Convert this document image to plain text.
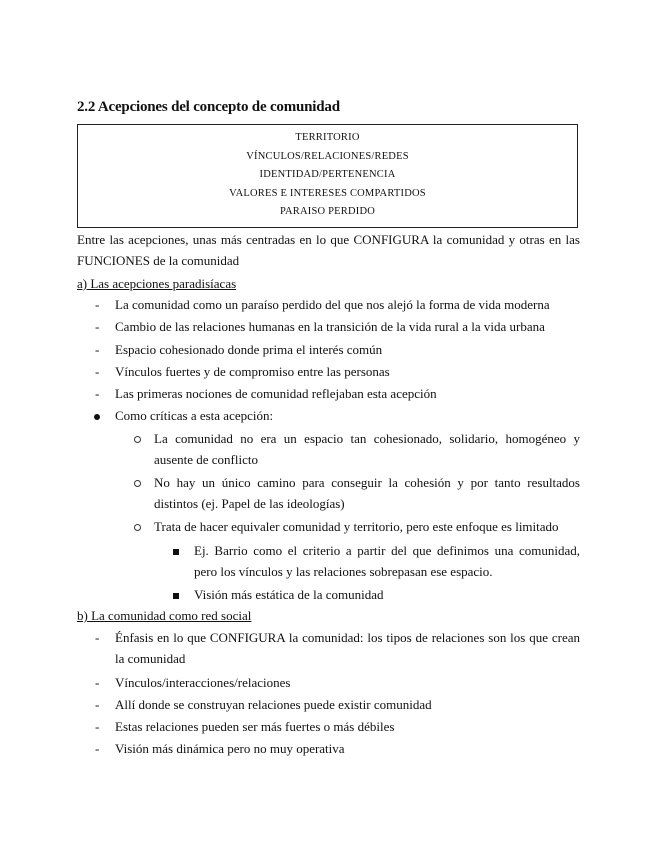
2.2 Acepciones del concepto de comunidad
TERRITORIO
VÍNCULOS/RELACIONES/REDES
IDENTIDAD/PERTENENCIA
VALORES E INTERESES COMPARTIDOS
PARAISO PERDIDO
Entre las acepciones, unas más centradas en lo que CONFIGURA la comunidad y otras en las FUNCIONES de la comunidad
a) Las acepciones paradisíacas
- La comunidad como un paraíso perdido del que nos alejó la forma de vida moderna
- Cambio de las relaciones humanas en la transición de la vida rural a la vida urbana
- Espacio cohesionado donde prima el interés común
- Vínculos fuertes y de compromiso entre las personas
- Las primeras nociones de comunidad reflejaban esta acepción
Como críticas a esta acepción:
La comunidad no era un espacio tan cohesionado, solidario, homogéneo y ausente de conflicto
No hay un único camino para conseguir la cohesión y por tanto resultados distintos (ej. Papel de las ideologías)
Trata de hacer equivaler comunidad y territorio, pero este enfoque es limitado
Ej. Barrio como el criterio a partir del que definimos una comunidad, pero los vínculos y las relaciones sobrepasan ese espacio.
Visión más estática de la comunidad
b) La comunidad como red social
- Énfasis en lo que CONFIGURA la comunidad: los tipos de relaciones son los que crean la comunidad
- Vínculos/interacciones/relaciones
- Allí donde se construyan relaciones puede existir comunidad
- Estas relaciones pueden ser más fuertes o más débiles
- Visión más dinámica pero no muy operativa
